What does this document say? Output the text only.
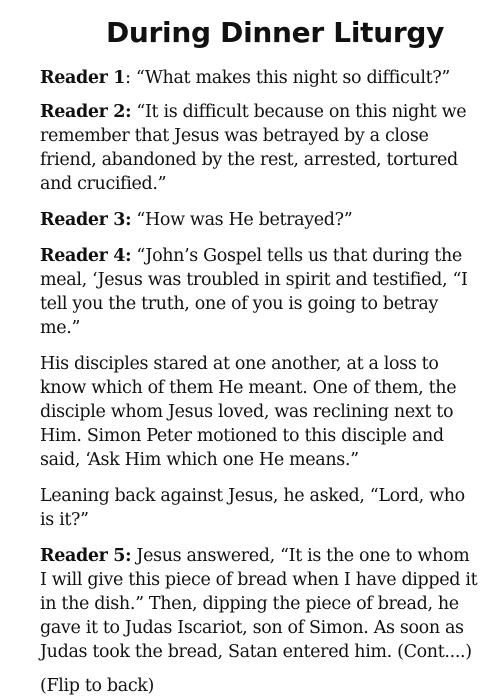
During Dinner Liturgy

Reader 1: “What makes this night so difficult?”

Reader 2: “It is difficult because on this night we remember that Jesus was betrayed by a close friend, abandoned by the rest, arrested, tortured and crucified.”

Reader 3: “How was He betrayed?”

Reader 4: “John’s Gospel tells us that during the meal, ‘Jesus was troubled in spirit and testified, “I tell you the truth, one of you is going to betray me.”

His disciples stared at one another, at a loss to know which of them He meant. One of them, the disciple whom Jesus loved, was reclining next to Him. Simon Peter motioned to this disciple and said, ‘Ask Him which one He means.”

Leaning back against Jesus, he asked, “Lord, who is it?”

Reader 5: Jesus answered, “It is the one to whom I will give this piece of bread when I have dipped it in the dish.” Then, dipping the piece of bread, he gave it to Judas Iscariot, son of Simon. As soon as Judas took the bread, Satan entered him. (Cont....)

(Flip to back)
